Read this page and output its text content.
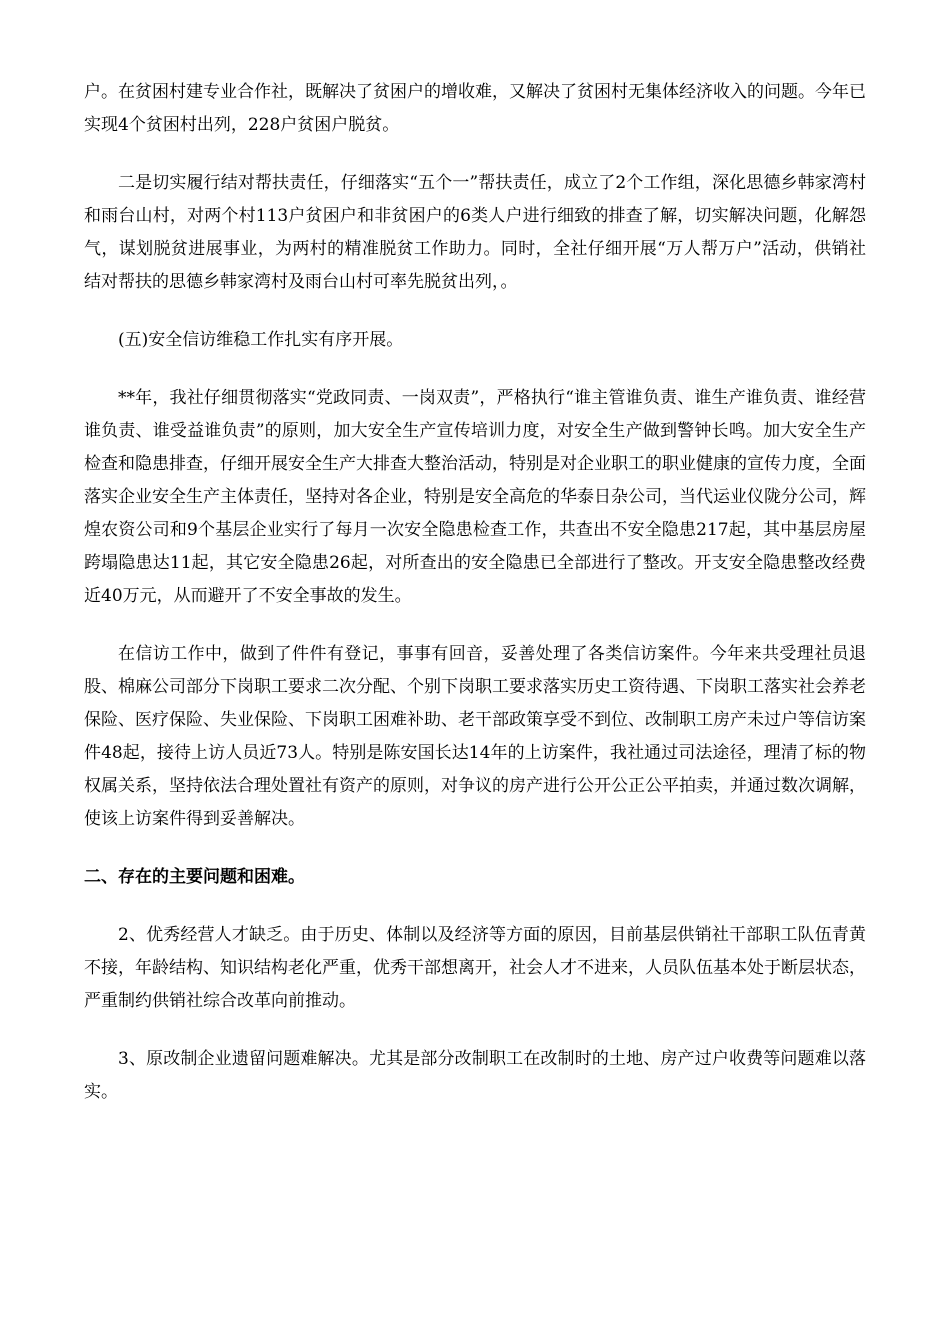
户。在贫困村建专业合作社，既解决了贫困户的增收难，又解决了贫困村无集体经济收入的问题。今年已实现4个贫困村出列，228户贫困户脱贫。

二是切实履行结对帮扶责任，仔细落实“五个一”帮扶责任，成立了2个工作组，深化思德乡韩家湾村和雨台山村，对两个村113户贫困户和非贫困户的6类人户进行细致的排查了解，切实解决问题，化解怨气，谋划脱贫进展事业，为两村的精准脱贫工作助力。同时，全社仔细开展“万人帮万户”活动，供销社结对帮扶的思德乡韩家湾村及雨台山村可率先脱贫出列，。

(五)安全信访维稳工作扎实有序开展。

**年，我社仔细贯彻落实“党政同责、一岗双责”，严格执行“谁主管谁负责、谁生产谁负责、谁经营谁负责、谁受益谁负责”的原则，加大安全生产宣传培训力度，对安全生产做到警钟长鸣。加大安全生产检查和隐患排查，仔细开展安全生产大排查大整治活动，特别是对企业职工的职业健康的宣传力度，全面落实企业安全生产主体责任，坚持对各企业，特别是安全高危的华泰日杂公司，当代运业仪陇分公司，辉煌农资公司和9个基层企业实行了每月一次安全隐患检查工作，共查出不安全隐患217起，其中基层房屋跨塌隐患达11起，其它安全隐患26起，对所查出的安全隐患已全部进行了整改。开支安全隐患整改经费近40万元，从而避开了不安全事故的发生。

在信访工作中，做到了件件有登记，事事有回音，妥善处理了各类信访案件。今年来共受理社员退股、棉麻公司部分下岗职工要求二次分配、个别下岗职工要求落实历史工资待遇、下岗职工落实社会养老保险、医疗保险、失业保险、下岗职工困难补助、老干部政策享受不到位、改制职工房产未过户等信访案件48起，接待上访人员近73人。特别是陈安国长达14年的上访案件，我社通过司法途径，理清了标的物权属关系，坚持依法合理处置社有资产的原则，对争议的房产进行公开公正公平拍卖，并通过数次调解，使该上访案件得到妥善解决。

二、存在的主要问题和困难。

2、优秀经营人才缺乏。由于历史、体制以及经济等方面的原因，目前基层供销社干部职工队伍青黄不接，年龄结构、知识结构老化严重，优秀干部想离开，社会人才不进来，人员队伍基本处于断层状态，严重制约供销社综合改革向前推动。

3、原改制企业遗留问题难解决。尤其是部分改制职工在改制时的土地、房产过户收费等问题难以落实。
